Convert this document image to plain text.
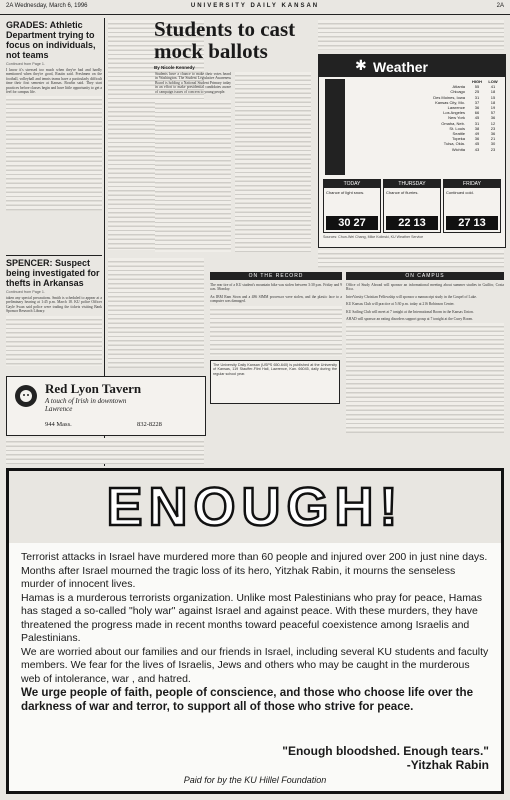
2A Wednesday, March 6, 1996	UNIVERSITY DAILY KANSAN	2A
GRADES: Athletic Department trying to focus on individuals, not teams
Continued from Page 1.
I know it's stressed too much when they're bad and hardly mentioned when they're good, Rustin said. Freshmen on the football, volleyball and tennis teams have a particularly difficult time their first semester at Kansas. Bowlin said. They start practices before classes begin and have little opportunity to get a feel for campus life.
SPENCER: Suspect being investigated for thefts in Arkansas
Continued from Page 1.
taken any special precautions. Smith is scheduled to appear at a preliminary hearing at 1:45 p.m. March 18. KU police Officer Gayle Swan said police were trading the tickets visiting Bank Sponsor Research Library.
Red Lyon Tavern
A touch of Irish in downtown Lawrence
944 Mass.	832-8228
Students to cast mock ballots
By Nicole Kennedy
Students have a chance to make their votes heard in Washington. The Student Legislative Awareness Board is holding a National Student Primary today in an effort to make presidential candidates aware of campaign issues of concern to young people.
Weather
✱
HIGH	LOW
Atlanta	55	41
Chicago	25	18
Des Moines, Iowa	31	15
Kansas City, Mo.	37	18
Lawrence	36	19
Los Angeles	66	57
New York	45	36
Omaha, Neb.	31	12
St. Louis	38	23
Seattle	49	36
Topeka	36	21
Tulsa, Okla.	45	30
Wichita	43	23
TODAY
Chance of light snow.
30 27
THURSDAY
Chance of flurries.
22 13
FRIDAY
Continued cold.
27 13
Sources: Chun-Wei Chang, Mike Kolinski, KU Weather Service
ON THE RECORD
The rear tire of a KU student's mountain bike was stolen between 3:30 p.m. Friday and 9 a.m. Monday.
An IBM Ram Stron and a 486 SIMM processor were stolen, and the plastic face to a computer was damaged.
The University Daily Kansan (USPS 650-640) is published at the University of Kansas, 119 Stauffer-Flint Hall, Lawrence, Kan. 66045, daily during the regular school year.
ON CAMPUS
Office of Study Abroad will sponsor an informational meeting about summer studies in Guilfor, Costa Rica.
InterVarsity Christian Fellowship will sponsor a manuscript study in the Gospel of Luke.
KU Kansas Club will practice at 5:30 p.m. today at 216 Robinson Center.
KU Sailing Club will meet at 7 tonight at the International Room in the Kansas Union.
AHAD will sponsor an eating disorders support group at 7 tonight at the Curry Room.
ENOUGH!

Terrorist attacks in Israel have murdered more than 60 people and injured over 200 in just nine days. Months after Israel mourned the tragic loss of its hero, Yitzhak Rabin, it mourns the senseless murder of innocent lives.

Hamas is a murderous terrorists organization. Unlike most Palestinians who pray for peace, Hamas has staged a so-called "holy war" against Israel and against peace. With these murders, they have threatened the progress made in recent months toward peaceful coexistence among Israelis and Palestinians.

We are worried about our families and our friends in Israel, including several KU students and faculty members. We fear for the lives of Israelis, Jews and others who may be caught in the murderous web of intolerance, war , and hatred.

We urge people of faith, people of conscience, and those who choose life over the darkness of war and terror, to support all of those who strive for peace.

"Enough bloodshed. Enough tears."
-Yitzhak Rabin
Paid for by the KU Hillel Foundation
